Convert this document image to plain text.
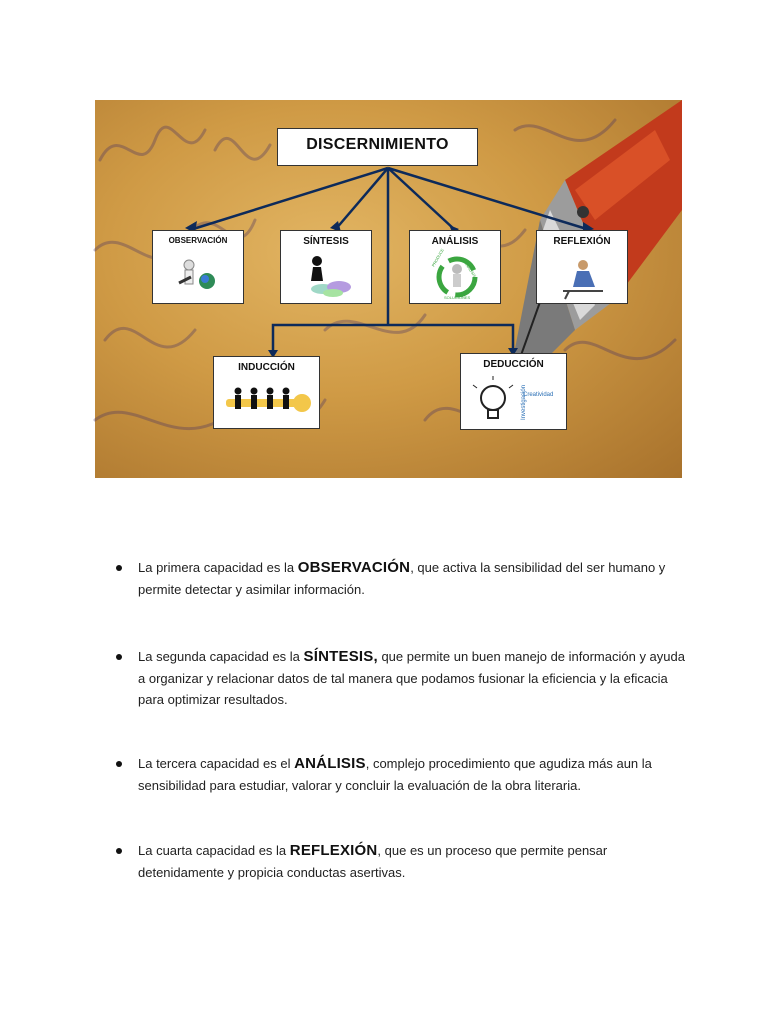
DISCERNIMIENTO
OBSERVACIÓN	SÍNTESIS	ANÁLISIS
PRODUCE
ANÁLISIS
SOLUCIONES
REFLEXIÓN
INDUCCIÓN	DEDUCCIÓN
Creatividad
Investigación
La primera capacidad es la OBSERVACIÓN, que activa la sensibilidad del ser humano y permite detectar y asimilar información.
La segunda capacidad es la SÍNTESIS, que permite un buen manejo de información y ayuda a organizar y relacionar datos de tal manera que podamos fusionar la eficiencia y la eficacia para optimizar resultados.
La tercera capacidad es el ANÁLISIS, complejo procedimiento que agudiza más aun la sensibilidad para estudiar, valorar y concluir la evaluación de la obra literaria.
La cuarta capacidad es la REFLEXIÓN, que es un proceso que permite pensar detenidamente y propicia conductas asertivas.
